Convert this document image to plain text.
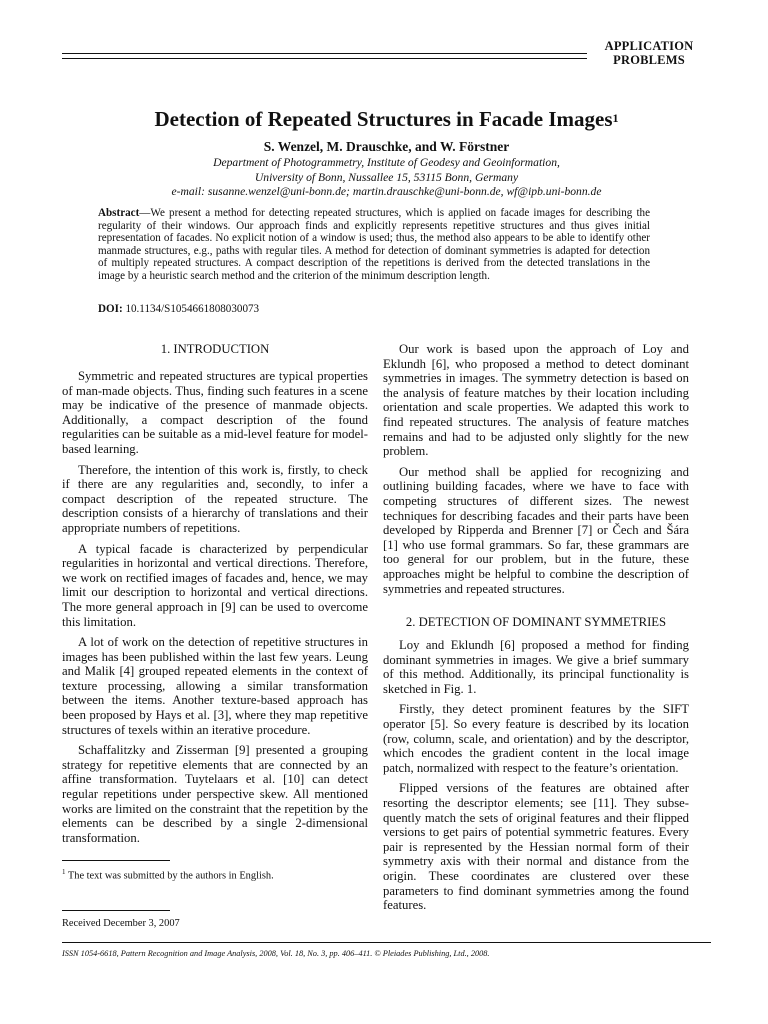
APPLICATION
PROBLEMS
Detection of Repeated Structures in Facade Images$^1$
S. Wenzel, M. Drauschke, and W. Förstner
Department of Photogrammetry, Institute of Geodesy and Geoinformation,
University of Bonn, Nussallee 15, 53115 Bonn, Germany
e-mail: susanne.wenzel@uni-bonn.de; martin.drauschke@uni-bonn.de, wf@ipb.uni-bonn.de
Abstract—We present a method for detecting repeated structures, which is applied on facade images for describing the regularity of their windows. Our approach finds and explicitly represents repetitive structures and thus gives initial representation of facades. No explicit notion of a window is used; thus, the method also appears to be able to identify other manmade structures, e.g., paths with regular tiles. A method for detection of dominant symmetries is adapted for detection of multiply repeated structures. A compact description of the repetitions is derived from the detected translations in the image by a heuristic search method and the criterion of the minimum description length.
DOI: 10.1134/S1054661808030073
1. INTRODUCTION

Symmetric and repeated structures are typical properties of man-made objects. Thus, finding such features in a scene may be indicative of the presence of manmade objects. Additionally, a compact description of the found regularities can be suitable as a mid-level feature for model-based learning.

Therefore, the intention of this work is, firstly, to check if there are any regularities and, secondly, to infer a compact description of the repeated structure. The description consists of a hierarchy of translations and their appropriate numbers of repetitions.

A typical facade is characterized by perpendicular regularities in horizontal and vertical directions. Therefore, we work on rectified images of facades and, hence, we may limit our description to horizontal and vertical directions. The more general approach in [9] can be used to overcome this limitation.

A lot of work on the detection of repetitive structures in images has been published within the last few years. Leung and Malik [4] grouped repeated elements in the context of texture processing, allowing a similar transformation between the items. Another texture-based approach has been proposed by Hays et al. [3], where they map repetitive structures of texels within an iterative procedure.

Schaffalitzky and Zisserman [9] presented a grouping strategy for repetitive elements that are connected by an affine transformation. Tuytelaars et al. [10] can detect regular repetitions under perspective skew. All mentioned works are limited on the constraint that the repetition by the elements can be described by a single 2-dimensional transformation.

Our work is based upon the approach of Loy and Eklundh [6], who proposed a method to detect dominant symmetries in images. The symmetry detection is based on the analysis of feature matches by their location including orientation and scale properties. We adapted this work to find repeated structures. The analysis of feature matches remains and had to be adjusted only slightly for the new problem.

Our method shall be applied for recognizing and outlining building facades, where we have to face with competing structures of different sizes. The newest techniques for describing facades and their parts have been developed by Ripperda and Brenner [7] or Čech and Šára [1] who use formal grammars. So far, these grammars are too general for our problem, but in the future, these approaches might be helpful to combine the description of symmetries and repeated structures.

2. DETECTION OF DOMINANT SYMMETRIES

Loy and Eklundh [6] proposed a method for finding dominant symmetries in images. We give a brief summary of this method. Additionally, its principal functionality is sketched in Fig. 1.

Firstly, they detect prominent features by the SIFT operator [5]. So every feature is described by its location (row, column, scale, and orientation) and by the descriptor, which encodes the gradient content in the local image patch, normalized with respect to the feature’s orientation.

Flipped versions of the features are obtained after resorting the descriptor elements; see [11]. They subsequently match the sets of original features and their flipped versions to get pairs of potential symmetric features. Every pair is represented by the Hessian normal form of their symmetry axis with their normal and distance from the origin. These coordinates are clustered over these parameters to find dominant symmetries among the found features.

$^1$ The text was submitted by the authors in English.
Received December 3, 2007
ISSN 1054-6618, Pattern Recognition and Image Analysis, 2008, Vol. 18, No. 3, pp. 406–411. © Pleiades Publishing, Ltd., 2008.
